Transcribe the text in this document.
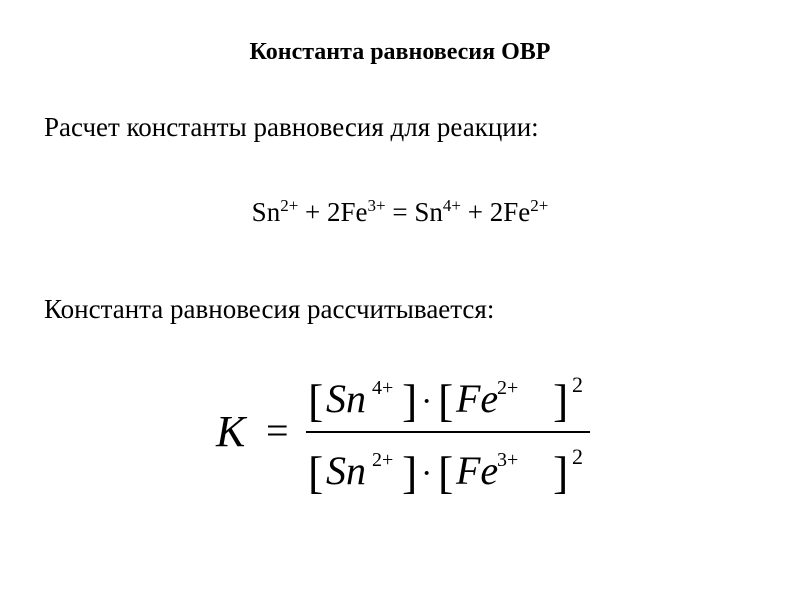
Константа равновесия ОВР
Расчет константы равновесия для реакции:
$Sn^{2+} + 2Fe^{3+} = Sn^{4+} + 2Fe^{2+}$
Константа равновесия рассчитывается:
K =
[ Sn 4+ ] · [ Fe
2+ ] 2
[ Sn 2+ ] · [ Fe
3+ ] 2
